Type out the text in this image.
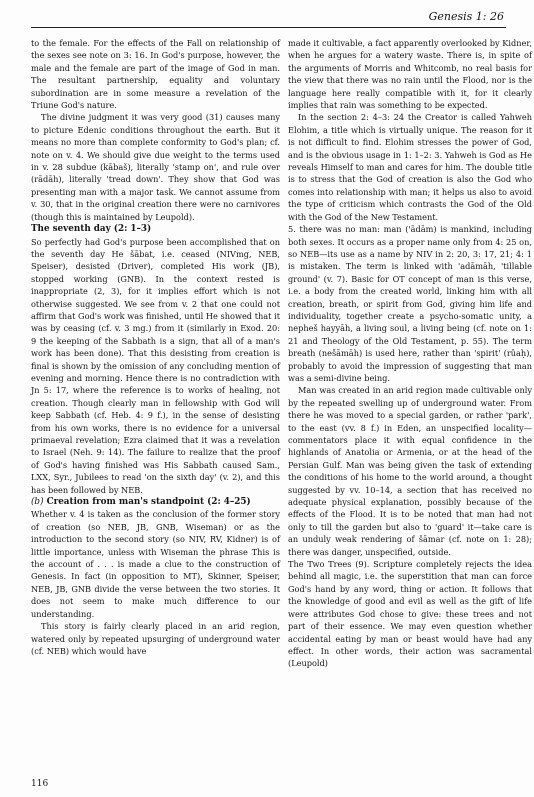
Genesis 1: 26

to the female. For the effects of the Fall on relationship of the sexes see note on 3: 16. In God's purpose, however, the male and the female are part of the image of God in man. The resultant partnership, equality and voluntary subordination are in some measure a revelation of the Triune God's nature.

The divine judgment it was very good (31) causes many to picture Edenic conditions throughout the earth. But it means no more than complete conformity to God's plan; cf. note on v. 4. We should give due weight to the terms used in v. 28 subdue (kābaš), literally 'stamp on', and rule over (rādāh), literally 'tread down'. They show that God was presenting man with a major task. We cannot assume from v. 30, that in the original creation there were no carnivores (though this is maintained by Leupold).

The seventh day (2: 1–3)

So perfectly had God's purpose been accomplished that on the seventh day He šābat, i.e. ceased (NIVmg, NEB, Speiser), desisted (Driver), completed His work (JB), stopped working (GNB). In the context rested is inappropriate (2, 3), for it implies effort which is not otherwise suggested. We see from v. 2 that one could not affirm that God's work was finished, until He showed that it was by ceasing (cf. v. 3 mg.) from it (similarly in Exod. 20: 9 the keeping of the Sabbath is a sign, that all of a man's work has been done). That this desisting from creation is final is shown by the omission of any concluding mention of evening and morning. Hence there is no contradiction with Jn 5: 17, where the reference is to works of healing, not creation. Though clearly man in fellowship with God will keep Sabbath (cf. Heb. 4: 9 f.), in the sense of desisting from his own works, there is no evidence for a universal primaeval revelation; Ezra claimed that it was a revelation to Israel (Neh. 9: 14). The failure to realize that the proof of God's having finished was His Sabbath caused Sam., LXX, Syr., Jubilees to read 'on the sixth day' (v. 2), and this has been followed by NEB.

(b) Creation from man's standpoint (2: 4–25)

Whether v. 4 is taken as the conclusion of the former story of creation (so NEB, JB, GNB, Wiseman) or as the introduction to the second story (so NIV, RV, Kidner) is of little importance, unless with Wiseman the phrase This is the account of . . . is made a clue to the construction of Genesis. In fact (in opposition to MT), Skinner, Speiser, NEB, JB, GNB divide the verse between the two stories. It does not seem to make much difference to our understanding.

This story is fairly clearly placed in an arid region, watered only by repeated upsurging of underground water (cf. NEB) which would have

made it cultivable, a fact apparently overlooked by Kidner, when he argues for a watery waste. There is, in spite of the arguments of Morris and Whitcomb, no real basis for the view that there was no rain until the Flood, nor is the language here really compatible with it, for it clearly implies that rain was something to be expected.

In the section 2: 4–3: 24 the Creator is called Yahweh Elohim, a title which is virtually unique. The reason for it is not difficult to find. Elohim stresses the power of God, and is the obvious usage in 1: 1–2: 3. Yahweh is God as He reveals Himself to man and cares for him. The double title is to stress that the God of creation is also the God who comes into relationship with man; it helps us also to avoid the type of criticism which contrasts the God of the Old with the God of the New Testament.

5. there was no man: man ('ādām) is mankind, including both sexes. It occurs as a proper name only from 4: 25 on, so NEB—its use as a name by NIV in 2: 20, 3: 17, 21; 4: 1 is mistaken. The term is linked with 'adāmāh, 'tillable ground' (v. 7). Basic for OT concept of man is this verse, i.e. a body from the created world, linking him with all creation, breath, or spirit from God, giving him life and individuality, together create a psycho-somatic unity, a nepheš hayyāh, a living soul, a living being (cf. note on 1: 21 and Theology of the Old Testament, p. 55). The term breath (nešāmāh) is used here, rather than 'spirit' (rûaḥ), probably to avoid the impression of suggesting that man was a semi-divine being.

Man was created in an arid region made cultivable only by the repeated swelling up of underground water. From there he was moved to a special garden, or rather 'park', to the east (vv. 8 f.) in Eden, an unspecified locality—commentators place it with equal confidence in the highlands of Anatolia or Armenia, or at the head of the Persian Gulf. Man was being given the task of extending the conditions of his home to the world around, a thought suggested by vv. 10–14, a section that has received no adequate physical explanation, possibly because of the effects of the Flood. It is to be noted that man had not only to till the garden but also to 'guard' it—take care is an unduly weak rendering of šāmar (cf. note on 1: 28); there was danger, unspecified, outside.

The Two Trees (9). Scripture completely rejects the idea behind all magic, i.e. the superstition that man can force God's hand by any word, thing or action. It follows that the knowledge of good and evil as well as the gift of life were attributes God chose to give: these trees and not part of their essence. We may even question whether accidental eating by man or beast would have had any effect. In other words, their action was sacramental (Leupold)

116
